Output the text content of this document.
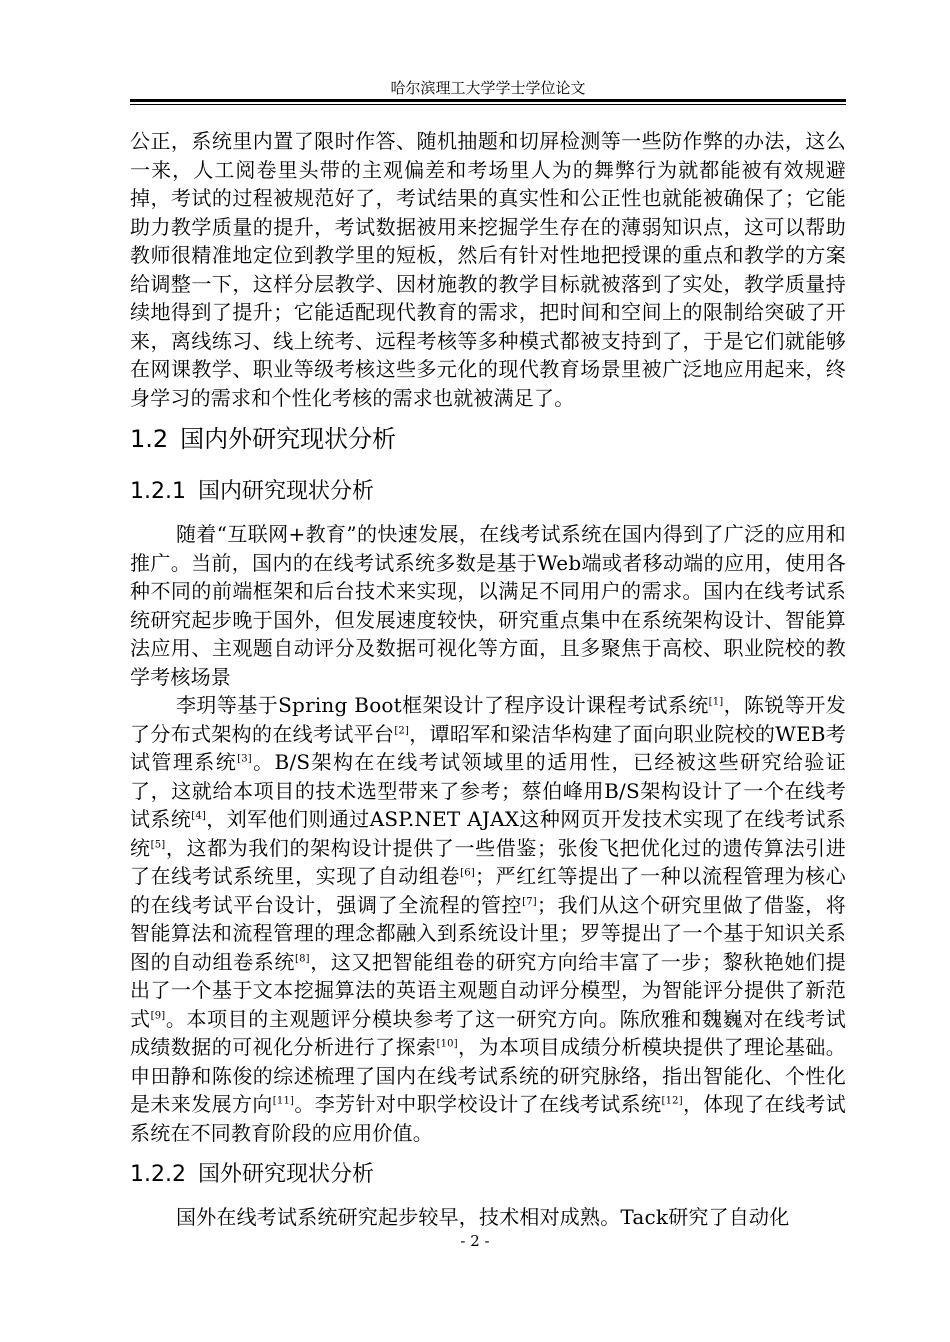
哈尔滨理工大学学士学位论文

公正，系统里内置了限时作答、随机抽题和切屏检测等一些防作弊的办法，这么一来，人工阅卷里头带的主观偏差和考场里人为的舞弊行为就都能被有效规避掉，考试的过程被规范好了，考试结果的真实性和公正性也就能被确保了；它能助力教学质量的提升，考试数据被用来挖掘学生存在的薄弱知识点，这可以帮助教师很精准地定位到教学里的短板，然后有针对性地把授课的重点和教学的方案给调整一下，这样分层教学、因材施教的教学目标就被落到了实处，教学质量持续地得到了提升；它能适配现代教育的需求，把时间和空间上的限制给突破了开来，离线练习、线上统考、远程考核等多种模式都被支持到了，于是它们就能够在网课教学、职业等级考核这些多元化的现代教育场景里被广泛地应用起来，终身学习的需求和个性化考核的需求也就被满足了。

1.2 国内外研究现状分析
1.2.1 国内研究现状分析

随着“互联网+教育”的快速发展，在线考试系统在国内得到了广泛的应用和推广。当前，国内的在线考试系统多数是基于Web端或者移动端的应用，使用各种不同的前端框架和后台技术来实现，以满足不同用户的需求。国内在线考试系统研究起步晚于国外，但发展速度较快，研究重点集中在系统架构设计、智能算法应用、主观题自动评分及数据可视化等方面，且多聚焦于高校、职业院校的教学考核场景

李玥等基于Spring Boot框架设计了程序设计课程考试系统[1]，陈锐等开发了分布式架构的在线考试平台[2]，谭昭军和梁洁华构建了面向职业院校的WEB考试管理系统[3]。B/S架构在在线考试领域里的适用性，已经被这些研究给验证了，这就给本项目的技术选型带来了参考；蔡伯峰用B/S架构设计了一个在线考试系统[4]，刘军他们则通过ASP.NET AJAX这种网页开发技术实现了在线考试系统[5]，这都为我们的架构设计提供了一些借鉴；张俊飞把优化过的遗传算法引进了在线考试系统里，实现了自动组卷[6]；严红红等提出了一种以流程管理为核心的在线考试平台设计，强调了全流程的管控[7]；我们从这个研究里做了借鉴，将智能算法和流程管理的理念都融入到系统设计里；罗等提出了一个基于知识关系图的自动组卷系统[8]，这又把智能组卷的研究方向给丰富了一步；黎秋艳她们提出了一个基于文本挖掘算法的英语主观题自动评分模型，为智能评分提供了新范式[9]。本项目的主观题评分模块参考了这一研究方向。陈欣雅和魏巍对在线考试成绩数据的可视化分析进行了探索[10]，为本项目成绩分析模块提供了理论基础。申田静和陈俊的综述梳理了国内在线考试系统的研究脉络，指出智能化、个性化是未来发展方向[11]。李芳针对中职学校设计了在线考试系统[12]，体现了在线考试系统在不同教育阶段的应用价值。

1.2.2 国外研究现状分析

国外在线考试系统研究起步较早，技术相对成熟。Tack研究了自动化

- 2 -
